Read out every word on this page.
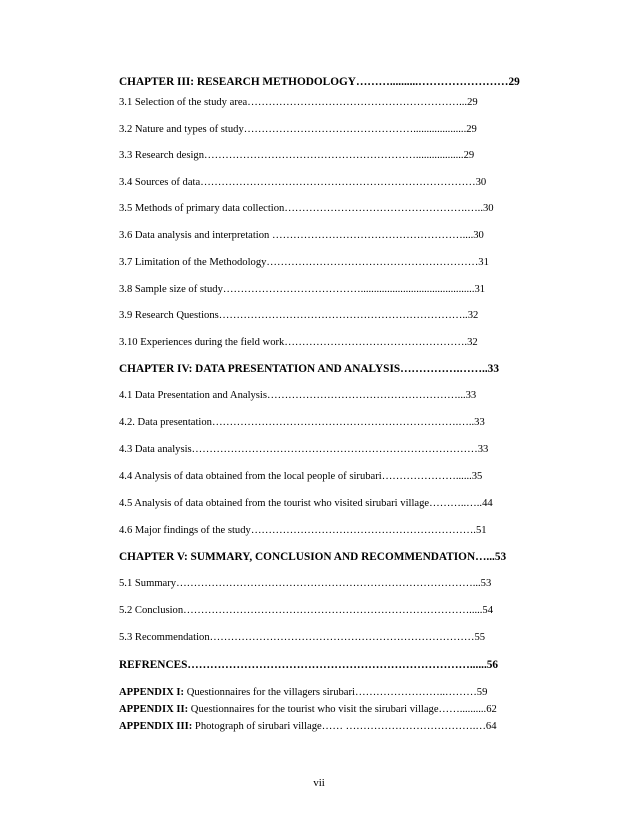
CHAPTER III: RESEARCH METHODOLOGY………..........……………………29
3.1 Selection of the study area……………………………………………………...29
3.2 Nature and types of study…………………………………………....................29
3.3 Research design……………………………………………………..................29
3.4 Sources of data……………………………………………………………………30
3.5 Methods of primary data collection…………………………………………….…..30
3.6 Data analysis and interpretation ………………………………………………....30
3.7 Limitation of the Methodology……………………………………………………31
3.8 Sample size of study…………………………………...........................................31
3.9 Research Questions……………………………………………………………..32
3.10 Experiences during the field work…………………………………………….32
CHAPTER IV: DATA PRESENTATION AND ANALYSIS…………….……..33
4.1 Data Presentation and Analysis………………………………………………...33
4.2. Data presentation…………………………………………………………….…..33
4.3 Data analysis………………………………………………………………………33
4.4 Analysis of data obtained from the local people of sirubari…………………......35
4.5 Analysis of data obtained from the tourist who visited sirubari village………..…..44
4.6 Major findings of the study……………………………………………………….51
CHAPTER V: SUMMARY, CONCLUSION AND RECOMMENDATION…...53
5.1 Summary…………………………………………………………………………...53
5.2 Conclusion……………………………………………………………………….....54
5.3 Recommendation…………………………………………………………………55
REFRENCES…………………………………………………………………......56
APPENDIX I: Questionnaires for the villagers sirubari……………………..………59
APPENDIX II: Questionnaires for the tourist who visit the sirubari village……..........62
APPENDIX III: Photograph of sirubari village…… ……………………………….…64
vii
